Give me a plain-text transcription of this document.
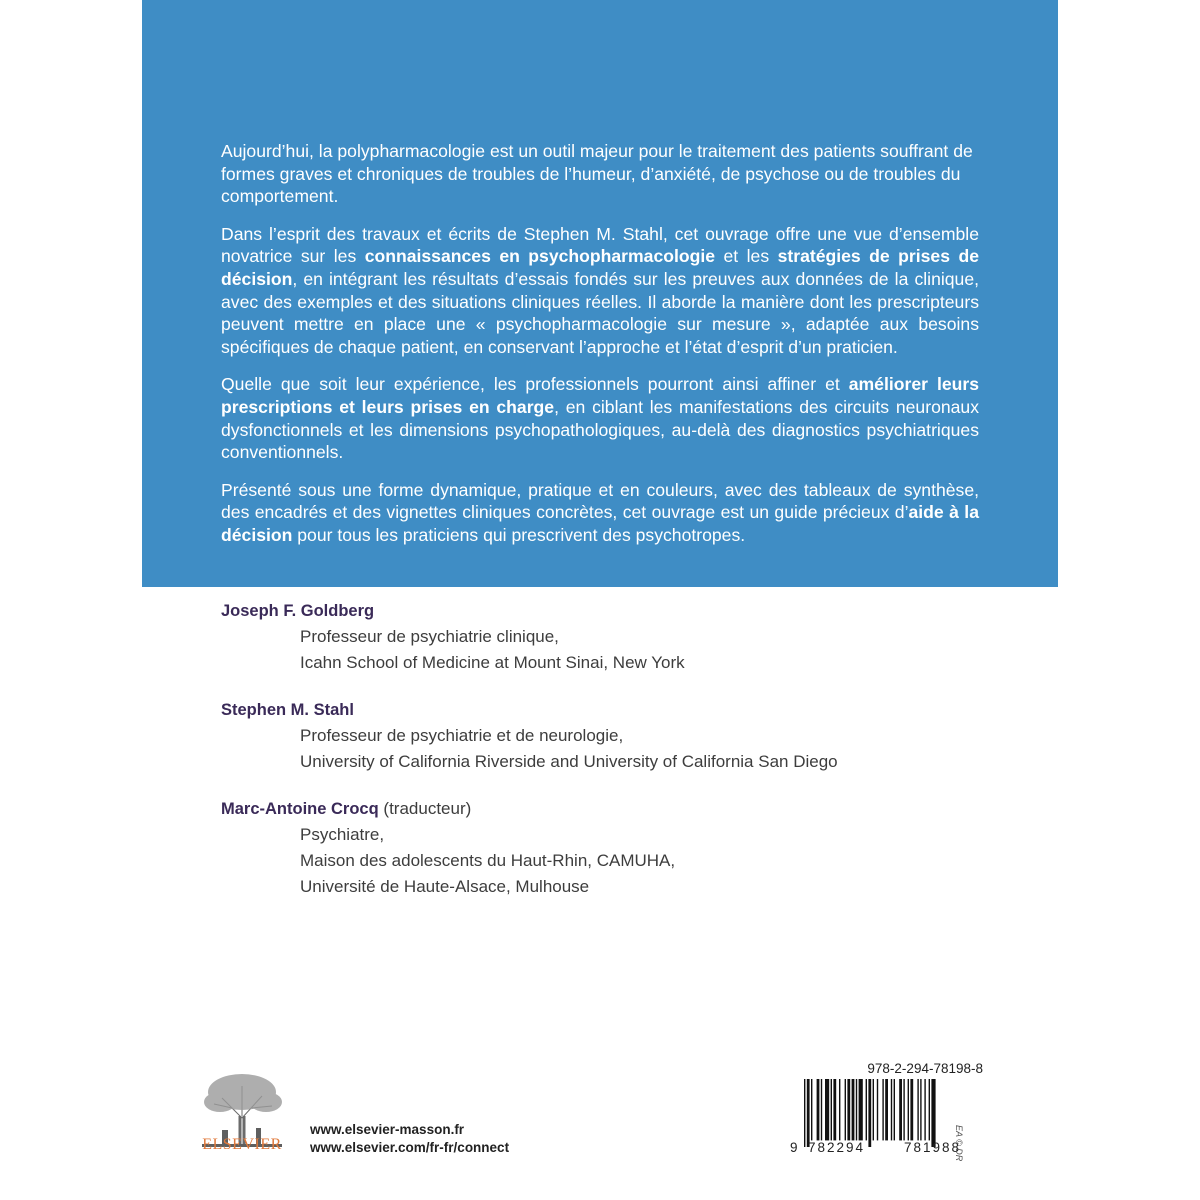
Aujourd’hui, la polypharmacologie est un outil majeur pour le traitement des patients souffrant de formes graves et chroniques de troubles de l’humeur, d’anxiété, de psychose ou de troubles du comportement.

Dans l’esprit des travaux et écrits de Stephen M. Stahl, cet ouvrage offre une vue d’ensemble novatrice sur les connaissances en psychopharmacologie et les stratégies de prises de décision, en intégrant les résultats d’essais fondés sur les preuves aux données de la clinique, avec des exemples et des situations cliniques réelles. Il aborde la manière dont les prescripteurs peuvent mettre en place une « psychopharmacologie sur mesure », adaptée aux besoins spécifiques de chaque patient, en conservant l’approche et l’état d’esprit d’un praticien.

Quelle que soit leur expérience, les professionnels pourront ainsi affiner et améliorer leurs prescriptions et leurs prises en charge, en ciblant les manifestations des circuits neuronaux dysfonctionnels et les dimensions psychopathologiques, au-delà des diagnostics psychiatriques conventionnels.

Présenté sous une forme dynamique, pratique et en couleurs, avec des tableaux de synthèse, des encadrés et des vignettes cliniques concrètes, cet ouvrage est un guide précieux d’aide à la décision pour tous les praticiens qui prescrivent des psychotropes.

Joseph F. Goldberg
Professeur de psychiatrie clinique,
Icahn School of Medicine at Mount Sinai, New York
Stephen M. Stahl
Professeur de psychiatrie et de neurologie,
University of California Riverside and University of California San Diego
Marc-Antoine Crocq (traducteur)
Psychiatre,
Maison des adolescents du Haut-Rhin, CAMUHA,
Université de Haute-Alsace, Mulhouse
ELSEVIER
www.elsevier-masson.fr
www.elsevier.com/fr-fr/connect
978-2-294-78198-8
9 782294	781988
EA © DR
